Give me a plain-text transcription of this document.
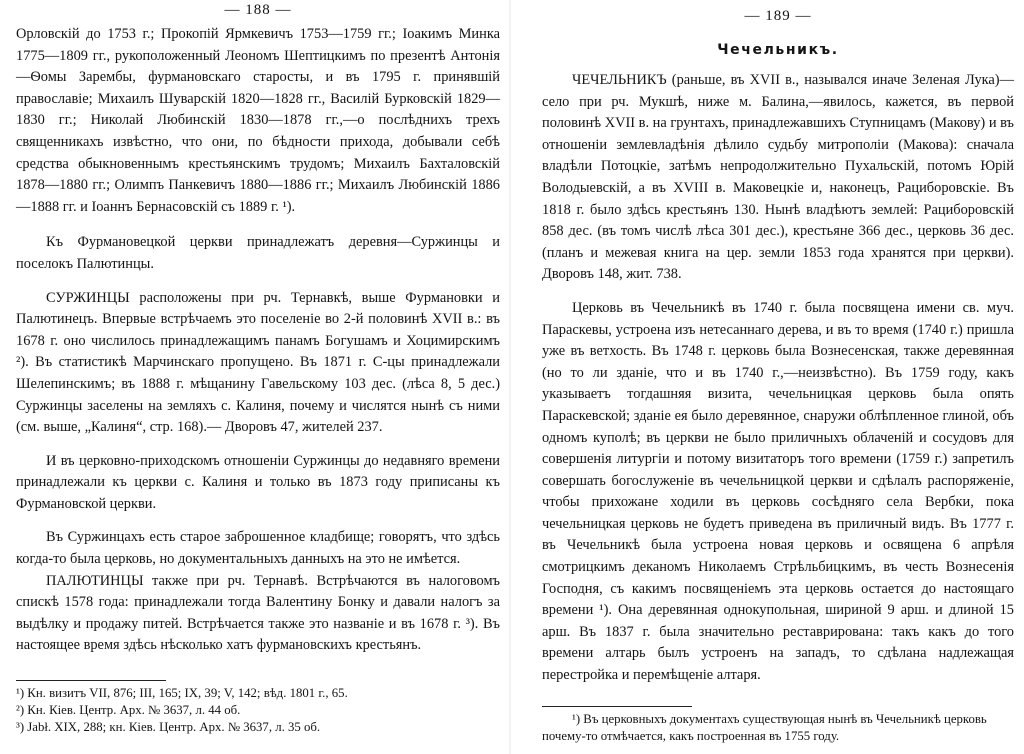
— 188 —

Орловскій до 1753 г.; Прокопій Ярмкевичъ 1753—1759 гг.; Іоакимъ Минка 1775—1809 гг., рукоположенный Леономъ Шептицкимъ по презентѣ Антонія—Ѳомы Зарембы, фурмановскаго старосты, и въ 1795 г. принявшій православіе; Михаилъ Шуварскій 1820—1828 гг., Василій Бурковскій 1829—1830 гг.; Николай Любинскій 1830—1878 гг.,—о послѣднихъ трехъ священникахъ извѣстно, что они, по бѣдности прихода, добывали себѣ средства обыкновеннымъ крестьянскимъ трудомъ; Михаилъ Бахталовскій 1878—1880 гг.; Олимпъ Панкевичъ 1880—1886 гг.; Михаилъ Любинскій 1886—1888 гг. и Іоаннъ Бернасовскій съ 1889 г. ¹).

Къ Фурмановецкой церкви принадлежатъ деревня—Суржинцы и поселокъ Палютинцы.

СУРЖИНЦЫ расположены при рч. Тернавкѣ, выше Фурмановки и Палютинецъ. Впервые встрѣчаемъ это поселеніе во 2-й половинѣ XVII в.: въ 1678 г. оно числилось принадлежащимъ панамъ Богушамъ и Хоцимирскимъ ²). Въ статистикѣ Марчинскаго пропущено. Въ 1871 г. С-цы принадлежали Шелепинскимъ; въ 1888 г. мѣщанину Гавельскому 103 дес. (лѣса 8, 5 дес.) Суржинцы заселены на земляхъ с. Калиня, почему и числятся нынѣ съ ними (см. выше, „Калиня“, стр. 168).— Дворовъ 47, жителей 237.

И въ церковно-приходскомъ отношеніи Суржинцы до недавняго времени принадлежали къ церкви с. Калиня и только въ 1873 году приписаны къ Фурмановской церкви.

Въ Суржинцахъ есть старое заброшенное кладбище; говорятъ, что здѣсь когда-то была церковь, но документальныхъ данныхъ на это не имѣется.

ПАЛЮТИНЦЫ также при рч. Тернавѣ. Встрѣчаются въ налоговомъ спискѣ 1578 года: принадлежали тогда Валентину Бонку и давали налогъ за выдѣлку и продажу питей. Встрѣчается также это названіе и въ 1678 г. ³). Въ настоящее время здѣсь нѣсколько хатъ фурмановскихъ крестьянъ.

¹) Кн. визитъ VII, 876; III, 165; IX, 39; V, 142; вѣд. 1801 г., 65.

²) Кн. Кіев. Центр. Арх. № 3637, л. 44 об.

³) Jabł. XIX, 288; кн. Кіев. Центр. Арх. № 3637, л. 35 об.

— 189 —
Чечельникъ.

ЧЕЧЕЛЬНИКЪ (раньше, въ XVII в., назывался иначе Зеленая Лука)—село при рч. Мукшѣ, ниже м. Балина,—явилось, кажется, въ первой половинѣ XVII в. на грунтахъ, принадлежавшихъ Ступницамъ (Макову) и въ отношеніи землевладѣнія дѣлило судьбу митрополіи (Макова): сначала владѣли Потоцкіе, затѣмъ непродолжительно Пухальскій, потомъ Юрій Володыевскій, а въ XVIII в. Маковецкіе и, наконецъ, Рациборовскіе. Въ 1818 г. было здѣсь крестьянъ 130. Нынѣ владѣютъ землей: Рациборовскій 858 дес. (въ томъ числѣ лѣса 301 дес.), крестьяне 366 дес., церковь 36 дес. (планъ и межевая книга на цер. земли 1853 года хранятся при церкви). Дворовъ 148, жит. 738.

Церковь въ Чечельникѣ въ 1740 г. была посвящена имени св. муч. Параскевы, устроена изъ нетесаннаго дерева, и въ то время (1740 г.) пришла уже въ ветхость. Въ 1748 г. церковь была Вознесенская, также деревянная (но то ли зданіе, что и въ 1740 г.,—неизвѣстно). Въ 1759 году, какъ указываетъ тогдашняя визита, чечельницкая церковь была опять Параскевской; зданіе ея было деревянное, снаружи облѣпленное глиной, объ одномъ куполѣ; въ церкви не было приличныхъ облаченій и сосудовъ для совершенія литургіи и потому визитаторъ того времени (1759 г.) запретилъ совершать богослуженіе въ чечельницкой церкви и сдѣлалъ распоряженіе, чтобы прихожане ходили въ церковь сосѣдняго села Вербки, пока чечельницкая церковь не будетъ приведена въ приличный видъ. Въ 1777 г. въ Чечельникѣ была устроена новая церковь и освящена 6 апрѣля смотрицкимъ деканомъ Николаемъ Стрѣльбицкимъ, въ честь Вознесенія Господня, съ какимъ посвященіемъ эта церковь остается до настоящаго времени ¹). Она деревянная однокупольная, шириной 9 арш. и длиной 15 арш. Въ 1837 г. была значительно реставрирована: такъ какъ до того времени алтарь былъ устроенъ на западъ, то сдѣлана надлежащая перестройка и перемѣщеніе алтаря.

¹) Въ церковныхъ документахъ существующая нынѣ въ Чечельникѣ церковь почему-то отмѣчается, какъ построенная въ 1755 году.
